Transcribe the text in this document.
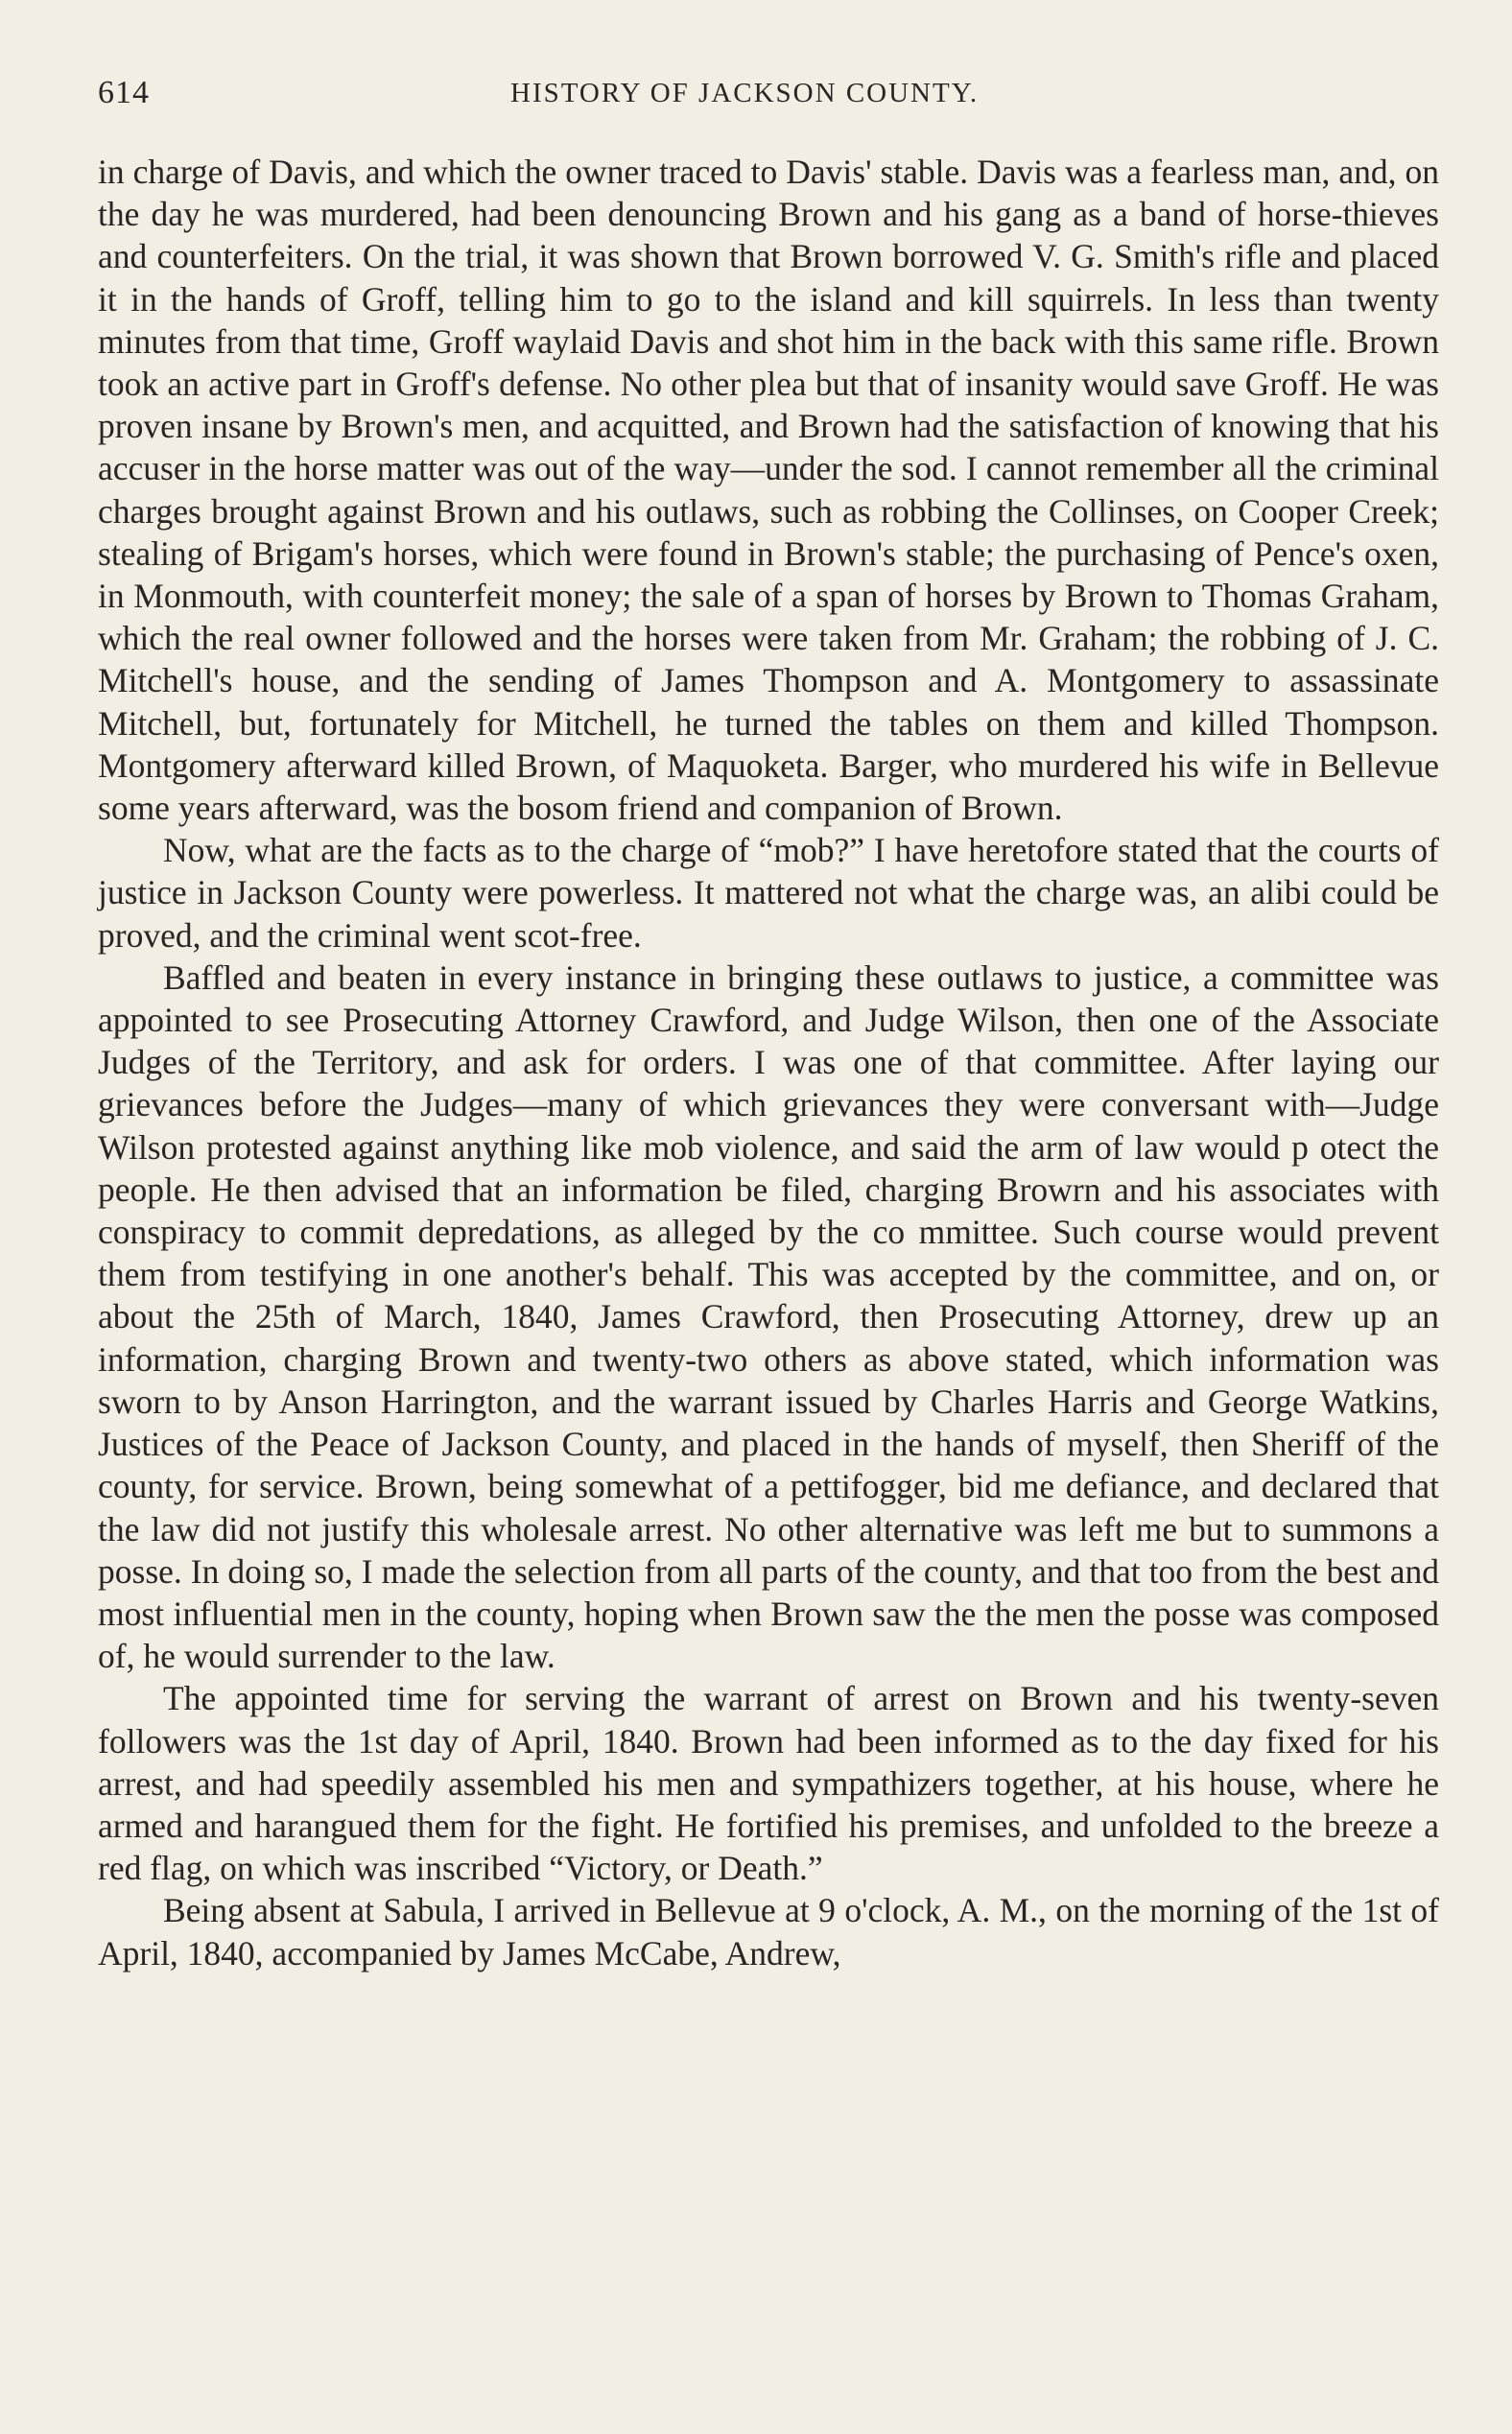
614	HISTORY OF JACKSON COUNTY.

in charge of Davis, and which the owner traced to Davis' stable. Davis was a fearless man, and, on the day he was murdered, had been denouncing Brown and his gang as a band of horse-thieves and counterfeiters. On the trial, it was shown that Brown borrowed V. G. Smith's rifle and placed it in the hands of Groff, telling him to go to the island and kill squirrels. In less than twenty minutes from that time, Groff waylaid Davis and shot him in the back with this same rifle. Brown took an active part in Groff's defense. No other plea but that of insanity would save Groff. He was proven insane by Brown's men, and acquitted, and Brown had the satisfaction of knowing that his accuser in the horse matter was out of the way—under the sod. I cannot remember all the criminal charges brought against Brown and his outlaws, such as robbing the Collinses, on Cooper Creek; stealing of Brigam's horses, which were found in Brown's stable; the purchasing of Pence's oxen, in Monmouth, with counterfeit money; the sale of a span of horses by Brown to Thomas Graham, which the real owner followed and the horses were taken from Mr. Graham; the robbing of J. C. Mitchell's house, and the sending of James Thompson and A. Montgomery to assassinate Mitchell, but, fortunately for Mitchell, he turned the tables on them and killed Thompson. Montgomery afterward killed Brown, of Maquoketa. Barger, who murdered his wife in Bellevue some years afterward, was the bosom friend and companion of Brown.

Now, what are the facts as to the charge of “mob?” I have heretofore stated that the courts of justice in Jackson County were powerless. It mattered not what the charge was, an alibi could be proved, and the criminal went scot-free.

Baffled and beaten in every instance in bringing these outlaws to justice, a committee was appointed to see Prosecuting Attorney Crawford, and Judge Wilson, then one of the Associate Judges of the Territory, and ask for orders. I was one of that committee. After laying our grievances before the Judges—many of which grievances they were conversant with—Judge Wilson protested against anything like mob violence, and said the arm of law would p otect the people. He then advised that an information be filed, charging Browrn and his associates with conspiracy to commit depredations, as alleged by the co mmittee. Such course would prevent them from testifying in one another's behalf. This was accepted by the committee, and on, or about the 25th of March, 1840, James Crawford, then Prosecuting Attorney, drew up an information, charging Brown and twenty-two others as above stated, which information was sworn to by Anson Harrington, and the warrant issued by Charles Harris and George Watkins, Justices of the Peace of Jackson County, and placed in the hands of myself, then Sheriff of the county, for service. Brown, being somewhat of a pettifogger, bid me defiance, and declared that the law did not justify this wholesale arrest. No other alternative was left me but to summons a posse. In doing so, I made the selection from all parts of the county, and that too from the best and most influential men in the county, hoping when Brown saw the the men the posse was composed of, he would surrender to the law.

The appointed time for serving the warrant of arrest on Brown and his twenty-seven followers was the 1st day of April, 1840. Brown had been informed as to the day fixed for his arrest, and had speedily assembled his men and sympathizers together, at his house, where he armed and harangued them for the fight. He fortified his premises, and unfolded to the breeze a red flag, on which was inscribed “Victory, or Death.”

Being absent at Sabula, I arrived in Bellevue at 9 o'clock, A. M., on the morning of the 1st of April, 1840, accompanied by James McCabe, Andrew,
